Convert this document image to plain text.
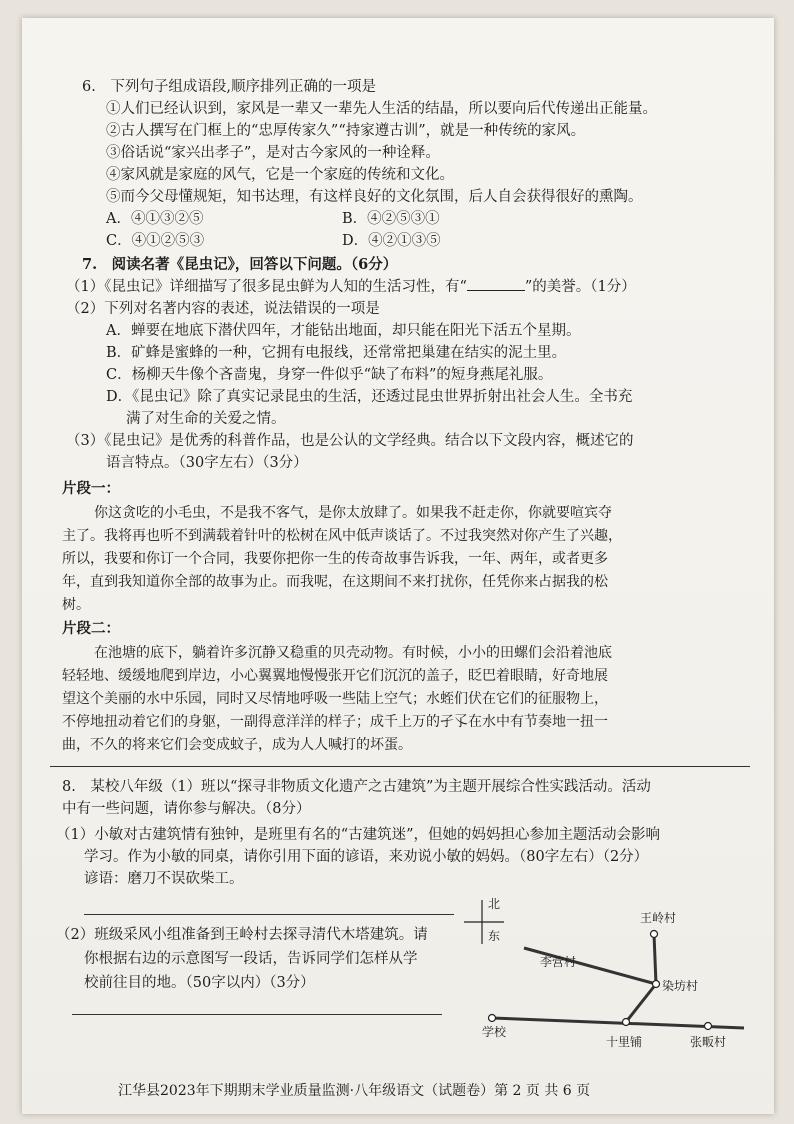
6.　下列句子组成语段,顺序排列正确的一项是
①人们已经认识到，家风是一辈又一辈先人生活的结晶，所以要向后代传递出正能量。
②古人撰写在门框上的“忠厚传家久”“持家遵古训”，就是一种传统的家风。
③俗话说“家兴出孝子”，是对古今家风的一种诠释。
④家风就是家庭的风气，它是一个家庭的传统和文化。
⑤而今父母懂规矩，知书达理，有这样良好的文化氛围，后人自会获得很好的熏陶。
A．④①③②⑤	B．④②⑤③①
C．④①②⑤③	D．④②①③⑤
7.　阅读名著《昆虫记》，回答以下问题。（6分）
（1）《昆虫记》详细描写了很多昆虫鲜为人知的生活习性，有“	”的美誉。（1分）
（2）下列对名著内容的表述，说法错误的一项是
A．蝉要在地底下潜伏四年，才能钻出地面，却只能在阳光下活五个星期。
B．矿蜂是蜜蜂的一种，它拥有电报线，还常常把巢建在结实的泥土里。
C．杨柳天牛像个吝啬鬼，身穿一件似乎“缺了布料”的短身燕尾礼服。
D．《昆虫记》除了真实记录昆虫的生活，还透过昆虫世界折射出社会人生。全书充
满了对生命的关爱之情。
（3）《昆虫记》是优秀的科普作品，也是公认的文学经典。结合以下文段内容，概述它的
语言特点。（30字左右）（3分）
片段一：
你这贪吃的小毛虫，不是我不客气，是你太放肆了。如果我不赶走你，你就要喧宾夺
主了。我将再也听不到满载着针叶的松树在风中低声谈话了。不过我突然对你产生了兴趣，
所以，我要和你订一个合同，我要你把你一生的传奇故事告诉我，一年、两年，或者更多
年，直到我知道你全部的故事为止。而我呢，在这期间不来打扰你，任凭你来占据我的松
树。
片段二：
在池塘的底下，躺着许多沉静又稳重的贝壳动物。有时候，小小的田螺们会沿着池底
轻轻地、缓缓地爬到岸边，小心翼翼地慢慢张开它们沉沉的盖子，眨巴着眼睛，好奇地展
望这个美丽的水中乐园，同时又尽情地呼吸一些陆上空气；水蛭们伏在它们的征服物上，
不停地扭动着它们的身躯，一副得意洋洋的样子；成千上万的孑孓在水中有节奏地一扭一
曲，不久的将来它们会变成蚊子，成为人人喊打的坏蛋。
8.　某校八年级（1）班以“探寻非物质文化遗产之古建筑”为主题开展综合性实践活动。活动
中有一些问题，请你参与解决。（8分）
（1）小敏对古建筑情有独钟，是班里有名的“古建筑迷”，但她的妈妈担心参加主题活动会影响
学习。作为小敏的同桌，请你引用下面的谚语，来劝说小敏的妈妈。（80字左右）（2分）
谚语：磨刀不误砍柴工。
（2）班级采风小组准备到王岭村去探寻清代木塔建筑。请
你根据右边的示意图写一段话，告诉同学们怎样从学
校前往目的地。（50字以内）（3分）
北
东
王岭村
李营村
染坊村
学校
十里铺	张畈村
江华县2023年下期期末学业质量监测·八年级语文（试题卷）第 2 页 共 6 页
